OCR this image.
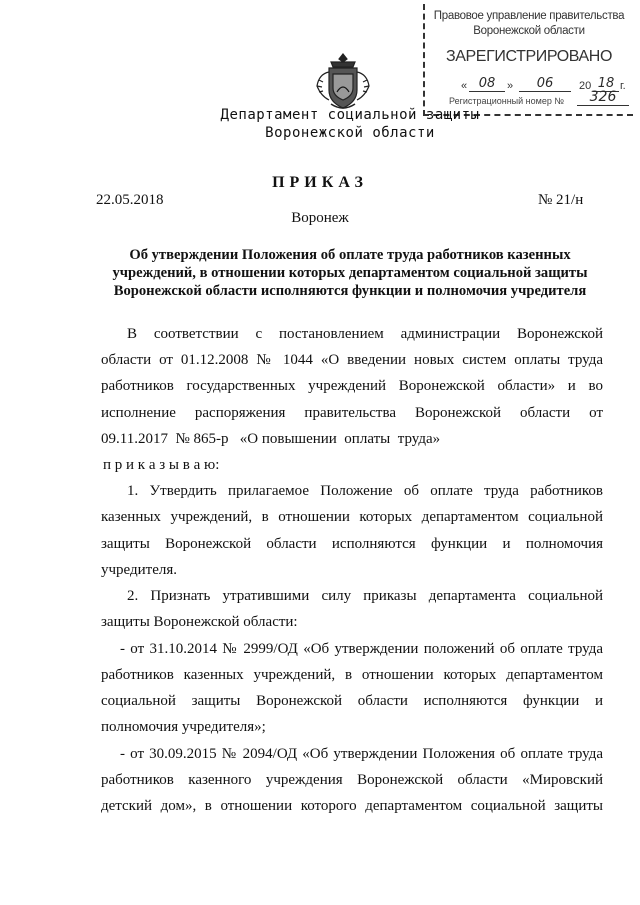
Правовое управление правительства
Воронежской области
ЗАРЕГИСТРИРОВАНО
« 08	»	06	20 18 г.
Регистрационный номер №	326
Департамент социальной защиты
Воронежской области
ПРИКАЗ
22.05.2018	№ 21/н
Воронеж
Об утверждении Положения об оплате труда работников казенных
учреждений, в отношении которых департаментом социальной защиты
Воронежской области исполняются функции и полномочия учредителя
В соответствии с постановлением администрации Воронежской
области от 01.12.2008 № 1044 «О введении новых систем оплаты труда
работников государственных учреждений Воронежской области» и во
исполнение распоряжения правительства Воронежской области от
09.11.2017  № 865-р   «О повышении  оплаты  труда»
п р и к а з ы в а ю:
1. Утвердить прилагаемое Положение об оплате труда работников
казенных учреждений, в отношении которых департаментом социальной
защиты Воронежской области исполняются функции и полномочия
учредителя.
2. Признать утратившими силу приказы департамента социальной
защиты Воронежской области:
- от 31.10.2014 № 2999/ОД «Об утверждении положений об оплате труда
работников казенных учреждений, в отношении которых департаментом
социальной защиты Воронежской области исполняются функции и
полномочия учредителя»;
- от 30.09.2015 № 2094/ОД «Об утверждении Положения об оплате труда
работников казенного учреждения Воронежской области «Мировский
детский дом», в отношении которого департаментом социальной защиты
